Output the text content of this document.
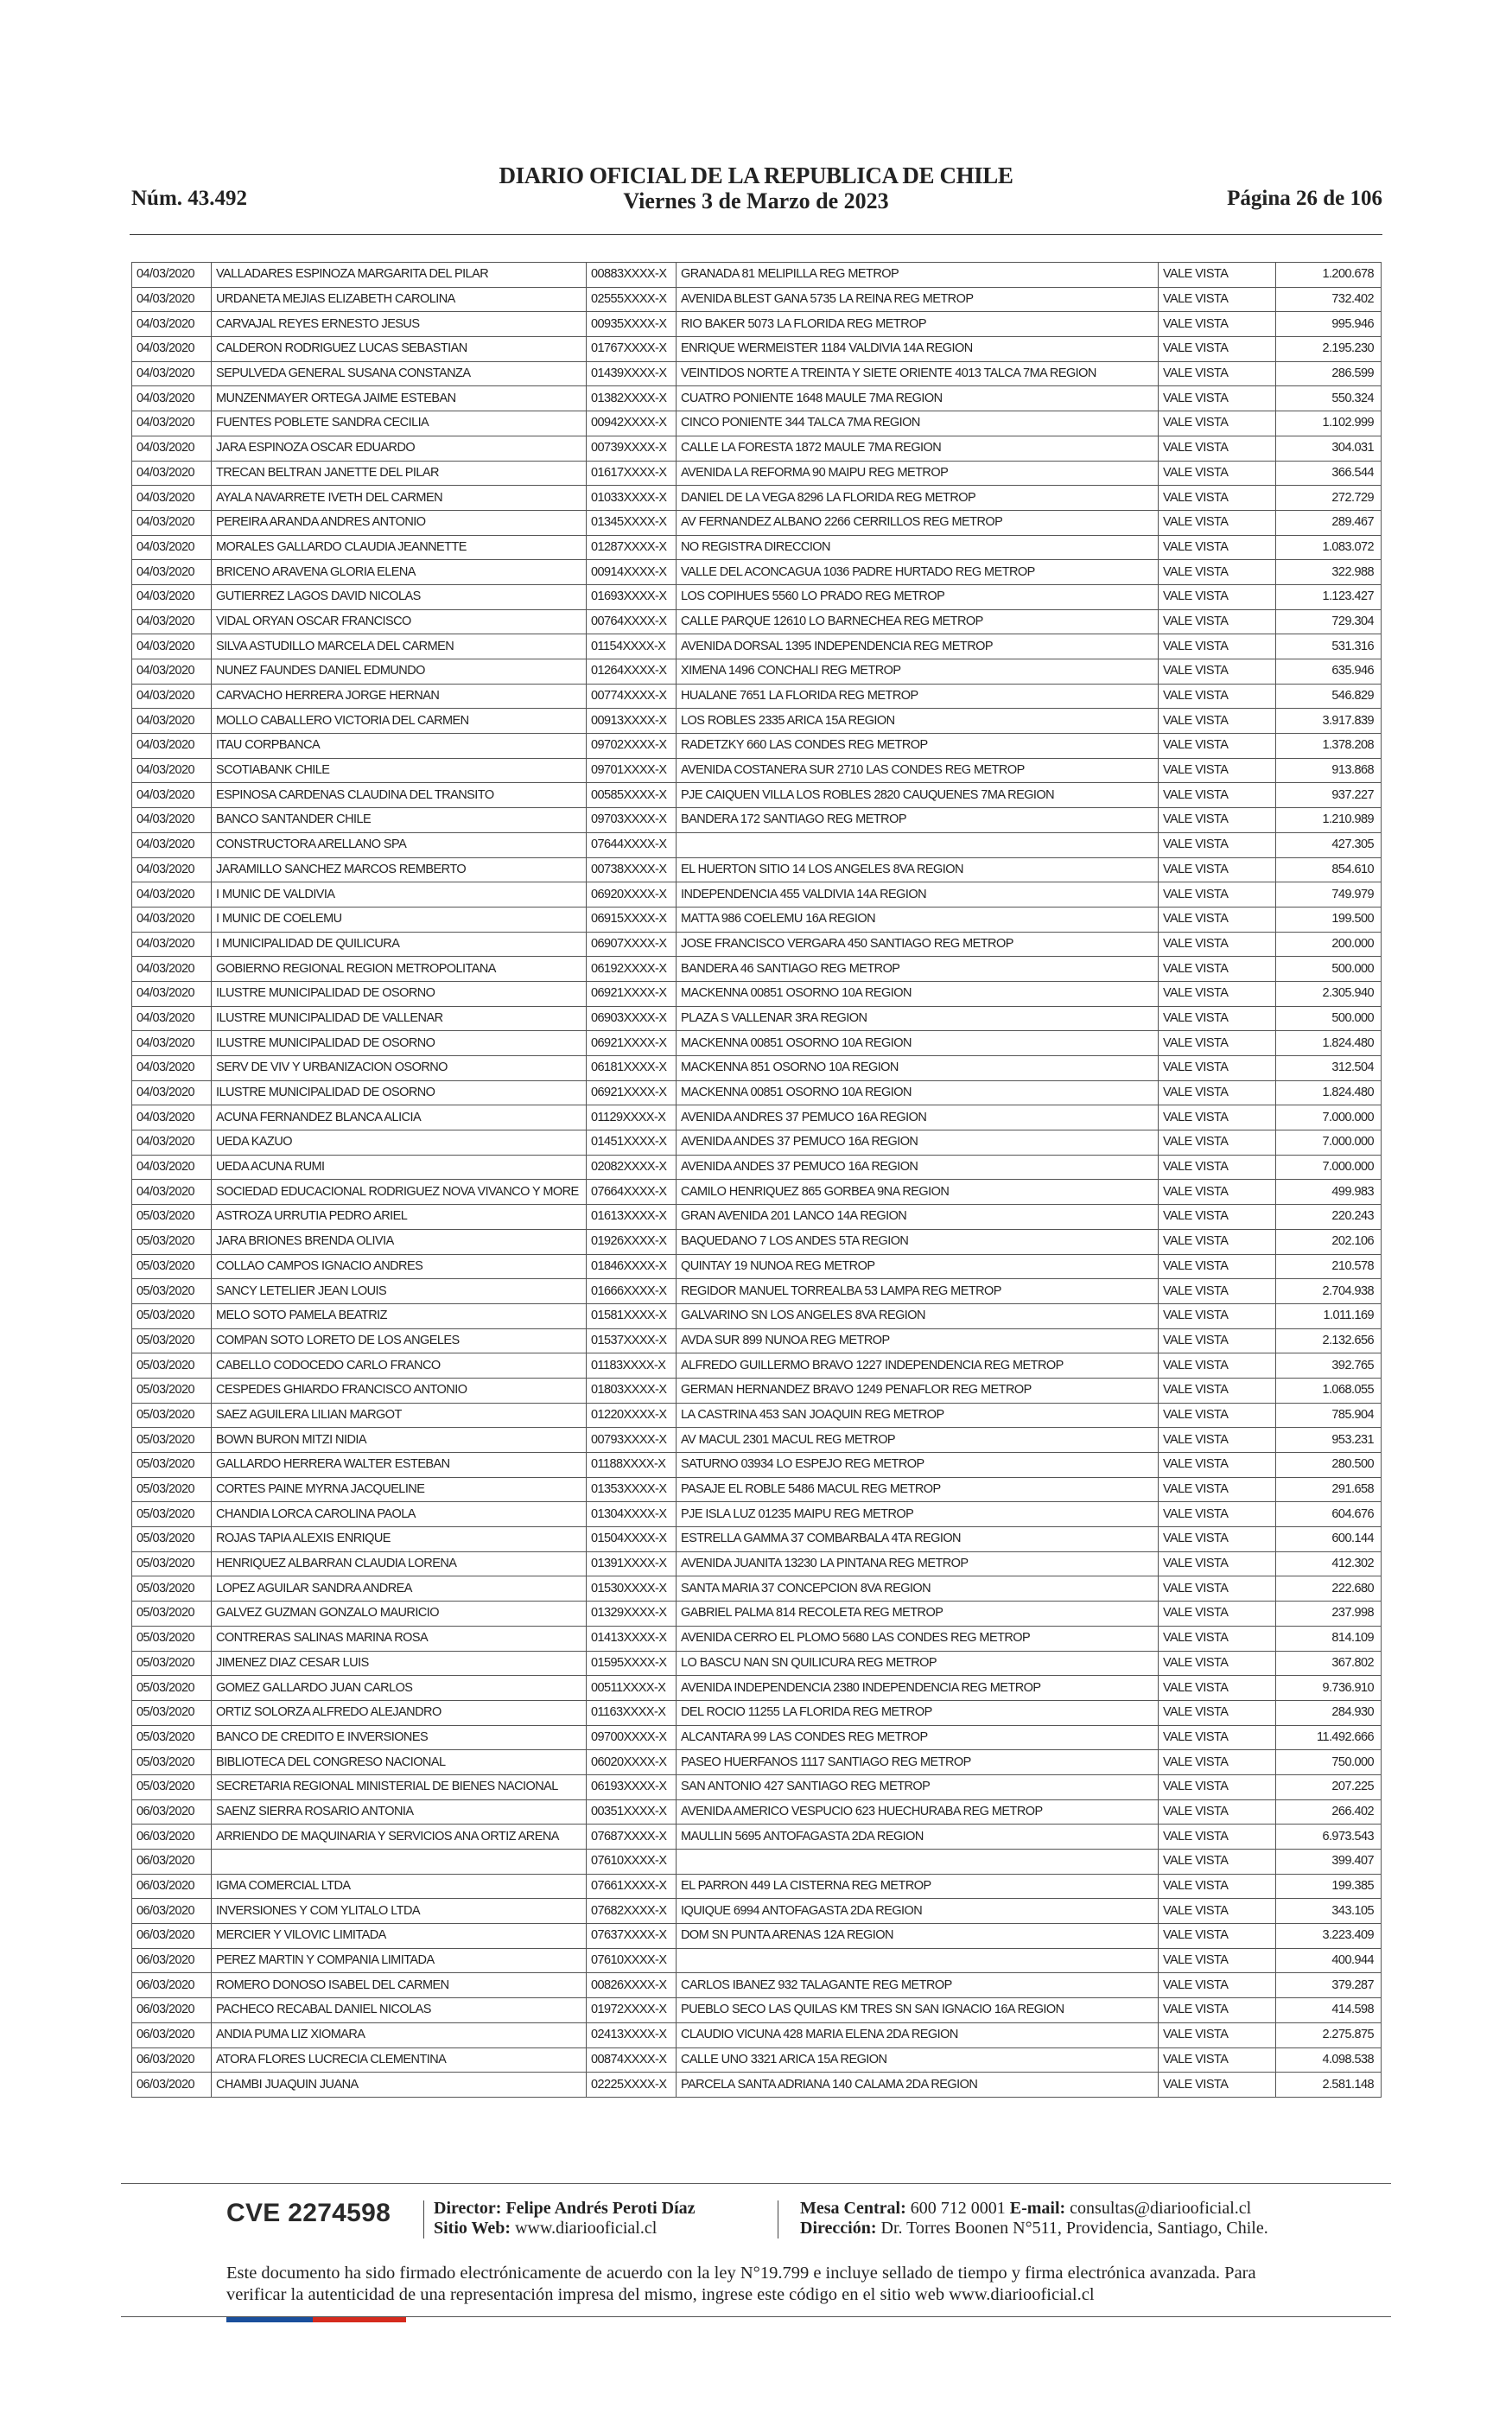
Núm. 43.492
DIARIO OFICIAL DE LA REPUBLICA DE CHILE
Viernes 3 de Marzo de 2023	Página 26 de 106
04/03/2020	VALLADARES ESPINOZA MARGARITA DEL PILAR	00883XXXX-X	GRANADA 81 MELIPILLA REG METROP	VALE VISTA	1.200.678
04/03/2020	URDANETA MEJIAS ELIZABETH CAROLINA	02555XXXX-X	AVENIDA BLEST GANA 5735 LA REINA REG METROP	VALE VISTA	732.402
04/03/2020	CARVAJAL REYES ERNESTO JESUS	00935XXXX-X	RIO BAKER 5073 LA FLORIDA REG METROP	VALE VISTA	995.946
04/03/2020	CALDERON RODRIGUEZ LUCAS SEBASTIAN	01767XXXX-X	ENRIQUE WERMEISTER 1184 VALDIVIA 14A REGION	VALE VISTA	2.195.230
04/03/2020	SEPULVEDA GENERAL SUSANA CONSTANZA	01439XXXX-X	VEINTIDOS NORTE A TREINTA Y SIETE ORIENTE 4013 TALCA 7MA REGION	VALE VISTA	286.599
04/03/2020	MUNZENMAYER ORTEGA JAIME ESTEBAN	01382XXXX-X	CUATRO PONIENTE 1648 MAULE 7MA REGION	VALE VISTA	550.324
04/03/2020	FUENTES POBLETE SANDRA CECILIA	00942XXXX-X	CINCO PONIENTE 344 TALCA 7MA REGION	VALE VISTA	1.102.999
04/03/2020	JARA ESPINOZA OSCAR EDUARDO	00739XXXX-X	CALLE LA FORESTA 1872 MAULE 7MA REGION	VALE VISTA	304.031
04/03/2020	TRECAN BELTRAN JANETTE DEL PILAR	01617XXXX-X	AVENIDA LA REFORMA 90 MAIPU REG METROP	VALE VISTA	366.544
04/03/2020	AYALA NAVARRETE IVETH DEL CARMEN	01033XXXX-X	DANIEL DE LA VEGA 8296 LA FLORIDA REG METROP	VALE VISTA	272.729
04/03/2020	PEREIRA ARANDA ANDRES ANTONIO	01345XXXX-X	AV FERNANDEZ ALBANO 2266 CERRILLOS REG METROP	VALE VISTA	289.467
04/03/2020	MORALES GALLARDO CLAUDIA JEANNETTE	01287XXXX-X	NO REGISTRA DIRECCION	VALE VISTA	1.083.072
04/03/2020	BRICENO ARAVENA GLORIA ELENA	00914XXXX-X	VALLE DEL ACONCAGUA 1036 PADRE HURTADO REG METROP	VALE VISTA	322.988
04/03/2020	GUTIERREZ LAGOS DAVID NICOLAS	01693XXXX-X	LOS COPIHUES 5560 LO PRADO REG METROP	VALE VISTA	1.123.427
04/03/2020	VIDAL ORYAN OSCAR FRANCISCO	00764XXXX-X	CALLE PARQUE 12610 LO BARNECHEA REG METROP	VALE VISTA	729.304
04/03/2020	SILVA ASTUDILLO MARCELA DEL CARMEN	01154XXXX-X	AVENIDA DORSAL 1395 INDEPENDENCIA REG METROP	VALE VISTA	531.316
04/03/2020	NUNEZ FAUNDES DANIEL EDMUNDO	01264XXXX-X	XIMENA 1496 CONCHALI REG METROP	VALE VISTA	635.946
04/03/2020	CARVACHO HERRERA JORGE HERNAN	00774XXXX-X	HUALANE 7651 LA FLORIDA REG METROP	VALE VISTA	546.829
04/03/2020	MOLLO CABALLERO VICTORIA DEL CARMEN	00913XXXX-X	LOS ROBLES 2335 ARICA 15A REGION	VALE VISTA	3.917.839
04/03/2020	ITAU CORPBANCA	09702XXXX-X	RADETZKY 660 LAS CONDES REG METROP	VALE VISTA	1.378.208
04/03/2020	SCOTIABANK CHILE	09701XXXX-X	AVENIDA COSTANERA SUR 2710 LAS CONDES REG METROP	VALE VISTA	913.868
04/03/2020	ESPINOSA CARDENAS CLAUDINA DEL TRANSITO	00585XXXX-X	PJE CAIQUEN VILLA LOS ROBLES 2820 CAUQUENES 7MA REGION	VALE VISTA	937.227
04/03/2020	BANCO SANTANDER CHILE	09703XXXX-X	BANDERA 172 SANTIAGO REG METROP	VALE VISTA	1.210.989
04/03/2020	CONSTRUCTORA ARELLANO SPA	07644XXXX-X		VALE VISTA	427.305
04/03/2020	JARAMILLO SANCHEZ MARCOS REMBERTO	00738XXXX-X	EL HUERTON SITIO 14 LOS ANGELES 8VA REGION	VALE VISTA	854.610
04/03/2020	I MUNIC DE VALDIVIA	06920XXXX-X	INDEPENDENCIA 455 VALDIVIA 14A REGION	VALE VISTA	749.979
04/03/2020	I MUNIC DE COELEMU	06915XXXX-X	MATTA 986 COELEMU 16A REGION	VALE VISTA	199.500
04/03/2020	I MUNICIPALIDAD DE QUILICURA	06907XXXX-X	JOSE FRANCISCO VERGARA 450 SANTIAGO REG METROP	VALE VISTA	200.000
04/03/2020	GOBIERNO REGIONAL REGION METROPOLITANA	06192XXXX-X	BANDERA 46 SANTIAGO REG METROP	VALE VISTA	500.000
04/03/2020	ILUSTRE MUNICIPALIDAD DE OSORNO	06921XXXX-X	MACKENNA 00851 OSORNO 10A REGION	VALE VISTA	2.305.940
04/03/2020	ILUSTRE MUNICIPALIDAD DE VALLENAR	06903XXXX-X	PLAZA S VALLENAR 3RA REGION	VALE VISTA	500.000
04/03/2020	ILUSTRE MUNICIPALIDAD DE OSORNO	06921XXXX-X	MACKENNA 00851 OSORNO 10A REGION	VALE VISTA	1.824.480
04/03/2020	SERV DE VIV Y URBANIZACION OSORNO	06181XXXX-X	MACKENNA 851 OSORNO 10A REGION	VALE VISTA	312.504
04/03/2020	ILUSTRE MUNICIPALIDAD DE OSORNO	06921XXXX-X	MACKENNA 00851 OSORNO 10A REGION	VALE VISTA	1.824.480
04/03/2020	ACUNA FERNANDEZ BLANCA ALICIA	01129XXXX-X	AVENIDA ANDRES 37 PEMUCO 16A REGION	VALE VISTA	7.000.000
04/03/2020	UEDA KAZUO	01451XXXX-X	AVENIDA ANDES 37 PEMUCO 16A REGION	VALE VISTA	7.000.000
04/03/2020	UEDA ACUNA RUMI	02082XXXX-X	AVENIDA ANDES 37 PEMUCO 16A REGION	VALE VISTA	7.000.000
04/03/2020	SOCIEDAD EDUCACIONAL RODRIGUEZ NOVA VIVANCO Y MORE	07664XXXX-X	CAMILO HENRIQUEZ 865 GORBEA 9NA REGION	VALE VISTA	499.983
05/03/2020	ASTROZA URRUTIA PEDRO ARIEL	01613XXXX-X	GRAN AVENIDA 201 LANCO 14A REGION	VALE VISTA	220.243
05/03/2020	JARA BRIONES BRENDA OLIVIA	01926XXXX-X	BAQUEDANO 7 LOS ANDES 5TA REGION	VALE VISTA	202.106
05/03/2020	COLLAO CAMPOS IGNACIO ANDRES	01846XXXX-X	QUINTAY 19 NUNOA REG METROP	VALE VISTA	210.578
05/03/2020	SANCY LETELIER JEAN LOUIS	01666XXXX-X	REGIDOR MANUEL TORREALBA 53 LAMPA REG METROP	VALE VISTA	2.704.938
05/03/2020	MELO SOTO PAMELA BEATRIZ	01581XXXX-X	GALVARINO SN LOS ANGELES 8VA REGION	VALE VISTA	1.011.169
05/03/2020	COMPAN SOTO LORETO DE LOS ANGELES	01537XXXX-X	AVDA SUR 899 NUNOA REG METROP	VALE VISTA	2.132.656
05/03/2020	CABELLO CODOCEDO CARLO FRANCO	01183XXXX-X	ALFREDO GUILLERMO BRAVO 1227 INDEPENDENCIA REG METROP	VALE VISTA	392.765
05/03/2020	CESPEDES GHIARDO FRANCISCO ANTONIO	01803XXXX-X	GERMAN HERNANDEZ BRAVO 1249 PENAFLOR REG METROP	VALE VISTA	1.068.055
05/03/2020	SAEZ AGUILERA LILIAN MARGOT	01220XXXX-X	LA CASTRINA 453 SAN JOAQUIN REG METROP	VALE VISTA	785.904
05/03/2020	BOWN BURON MITZI NIDIA	00793XXXX-X	AV MACUL 2301 MACUL REG METROP	VALE VISTA	953.231
05/03/2020	GALLARDO HERRERA WALTER ESTEBAN	01188XXXX-X	SATURNO 03934 LO ESPEJO REG METROP	VALE VISTA	280.500
05/03/2020	CORTES PAINE MYRNA JACQUELINE	01353XXXX-X	PASAJE EL ROBLE 5486 MACUL REG METROP	VALE VISTA	291.658
05/03/2020	CHANDIA LORCA CAROLINA PAOLA	01304XXXX-X	PJE ISLA LUZ 01235 MAIPU REG METROP	VALE VISTA	604.676
05/03/2020	ROJAS TAPIA ALEXIS ENRIQUE	01504XXXX-X	ESTRELLA GAMMA 37 COMBARBALA 4TA REGION	VALE VISTA	600.144
05/03/2020	HENRIQUEZ ALBARRAN CLAUDIA LORENA	01391XXXX-X	AVENIDA JUANITA 13230 LA PINTANA REG METROP	VALE VISTA	412.302
05/03/2020	LOPEZ AGUILAR SANDRA ANDREA	01530XXXX-X	SANTA MARIA 37 CONCEPCION 8VA REGION	VALE VISTA	222.680
05/03/2020	GALVEZ GUZMAN GONZALO MAURICIO	01329XXXX-X	GABRIEL PALMA 814 RECOLETA REG METROP	VALE VISTA	237.998
05/03/2020	CONTRERAS SALINAS MARINA ROSA	01413XXXX-X	AVENIDA CERRO EL PLOMO 5680 LAS CONDES REG METROP	VALE VISTA	814.109
05/03/2020	JIMENEZ DIAZ CESAR LUIS	01595XXXX-X	LO BASCU NAN SN QUILICURA REG METROP	VALE VISTA	367.802
05/03/2020	GOMEZ GALLARDO JUAN CARLOS	00511XXXX-X	AVENIDA INDEPENDENCIA 2380 INDEPENDENCIA REG METROP	VALE VISTA	9.736.910
05/03/2020	ORTIZ SOLORZA ALFREDO ALEJANDRO	01163XXXX-X	DEL ROCIO 11255 LA FLORIDA REG METROP	VALE VISTA	284.930
05/03/2020	BANCO DE CREDITO E INVERSIONES	09700XXXX-X	ALCANTARA 99 LAS CONDES REG METROP	VALE VISTA	11.492.666
05/03/2020	BIBLIOTECA DEL CONGRESO NACIONAL	06020XXXX-X	PASEO HUERFANOS 1117 SANTIAGO REG METROP	VALE VISTA	750.000
05/03/2020	SECRETARIA REGIONAL MINISTERIAL DE BIENES NACIONAL	06193XXXX-X	SAN ANTONIO 427 SANTIAGO REG METROP	VALE VISTA	207.225
06/03/2020	SAENZ SIERRA ROSARIO ANTONIA	00351XXXX-X	AVENIDA AMERICO VESPUCIO 623 HUECHURABA REG METROP	VALE VISTA	266.402
06/03/2020	ARRIENDO DE MAQUINARIA Y SERVICIOS ANA ORTIZ ARENA	07687XXXX-X	MAULLIN 5695 ANTOFAGASTA 2DA REGION	VALE VISTA	6.973.543
06/03/2020		07610XXXX-X		VALE VISTA	399.407
06/03/2020	IGMA COMERCIAL LTDA	07661XXXX-X	EL PARRON 449 LA CISTERNA REG METROP	VALE VISTA	199.385
06/03/2020	INVERSIONES Y COM YLITALO LTDA	07682XXXX-X	IQUIQUE 6994 ANTOFAGASTA 2DA REGION	VALE VISTA	343.105
06/03/2020	MERCIER Y VILOVIC LIMITADA	07637XXXX-X	DOM SN PUNTA ARENAS 12A REGION	VALE VISTA	3.223.409
06/03/2020	PEREZ MARTIN Y COMPANIA LIMITADA	07610XXXX-X		VALE VISTA	400.944
06/03/2020	ROMERO DONOSO ISABEL DEL CARMEN	00826XXXX-X	CARLOS IBANEZ 932 TALAGANTE REG METROP	VALE VISTA	379.287
06/03/2020	PACHECO RECABAL DANIEL NICOLAS	01972XXXX-X	PUEBLO SECO LAS QUILAS KM TRES SN SAN IGNACIO 16A REGION	VALE VISTA	414.598
06/03/2020	ANDIA PUMA LIZ XIOMARA	02413XXXX-X	CLAUDIO VICUNA 428 MARIA ELENA 2DA REGION	VALE VISTA	2.275.875
06/03/2020	ATORA FLORES LUCRECIA CLEMENTINA	00874XXXX-X	CALLE UNO 3321 ARICA 15A REGION	VALE VISTA	4.098.538
06/03/2020	CHAMBI JUAQUIN JUANA	02225XXXX-X	PARCELA SANTA ADRIANA 140 CALAMA 2DA REGION	VALE VISTA	2.581.148
CVE 2274598 Director: Felipe Andrés Peroti Díaz
Sitio Web: www.diariooficial.cl
Mesa Central: 600 712 0001 E-mail: consultas@diariooficial.cl
Dirección: Dr. Torres Boonen N°511, Providencia, Santiago, Chile.
Este documento ha sido firmado electrónicamente de acuerdo con la ley N°19.799 e incluye sellado de tiempo y firma electrónica avanzada. Para verificar la autenticidad de una representación impresa del mismo, ingrese este código en el sitio web www.diariooficial.cl
